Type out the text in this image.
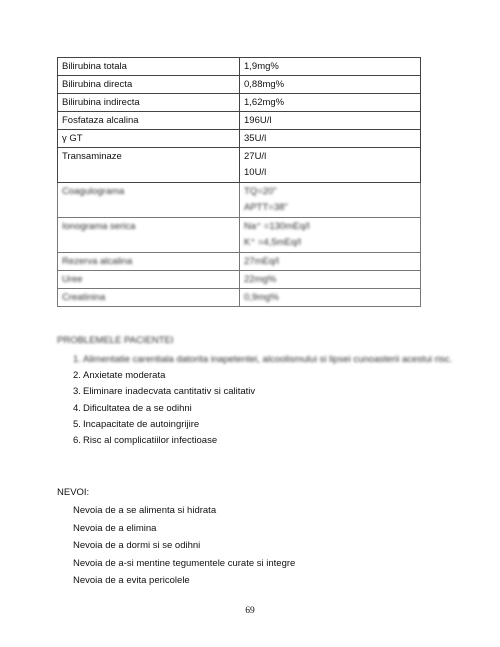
Bilirubina totala	1,9mg%
Bilirubina directa	0,88mg%
Bilirubina indirecta	1,62mg%
Fosfataza alcalina	196U/l
γ GT	35U/l
Transaminaze	27U/l
10U/l

Coagulograma	TQ=20"
APTT=38"

Ionograma serica	Na⁺ =130mEq/l
K⁺ =4,5mEq/l

Rezerva alcalina	27mEq/l
Uree	22mg%
Creatinina	0,9mg%
PROBLEMELE PACIENTEI
1. Alimentatie carentiala datorita inapetentei, alcoolismului si lipsei cunoasterii acestui risc.
2. Anxietate moderata
3. Eliminare inadecvata cantitativ si calitativ
4. Dificultatea de a se odihni
5. Incapacitate de autoingrijire
6. Risc al complicatiilor infectioase
NEVOI:
Nevoia de a se alimenta si hidrata
Nevoia de a elimina
Nevoia de a dormi si se odihni
Nevoia de a-si mentine tegumentele curate si integre
Nevoia de a evita pericolele
69
